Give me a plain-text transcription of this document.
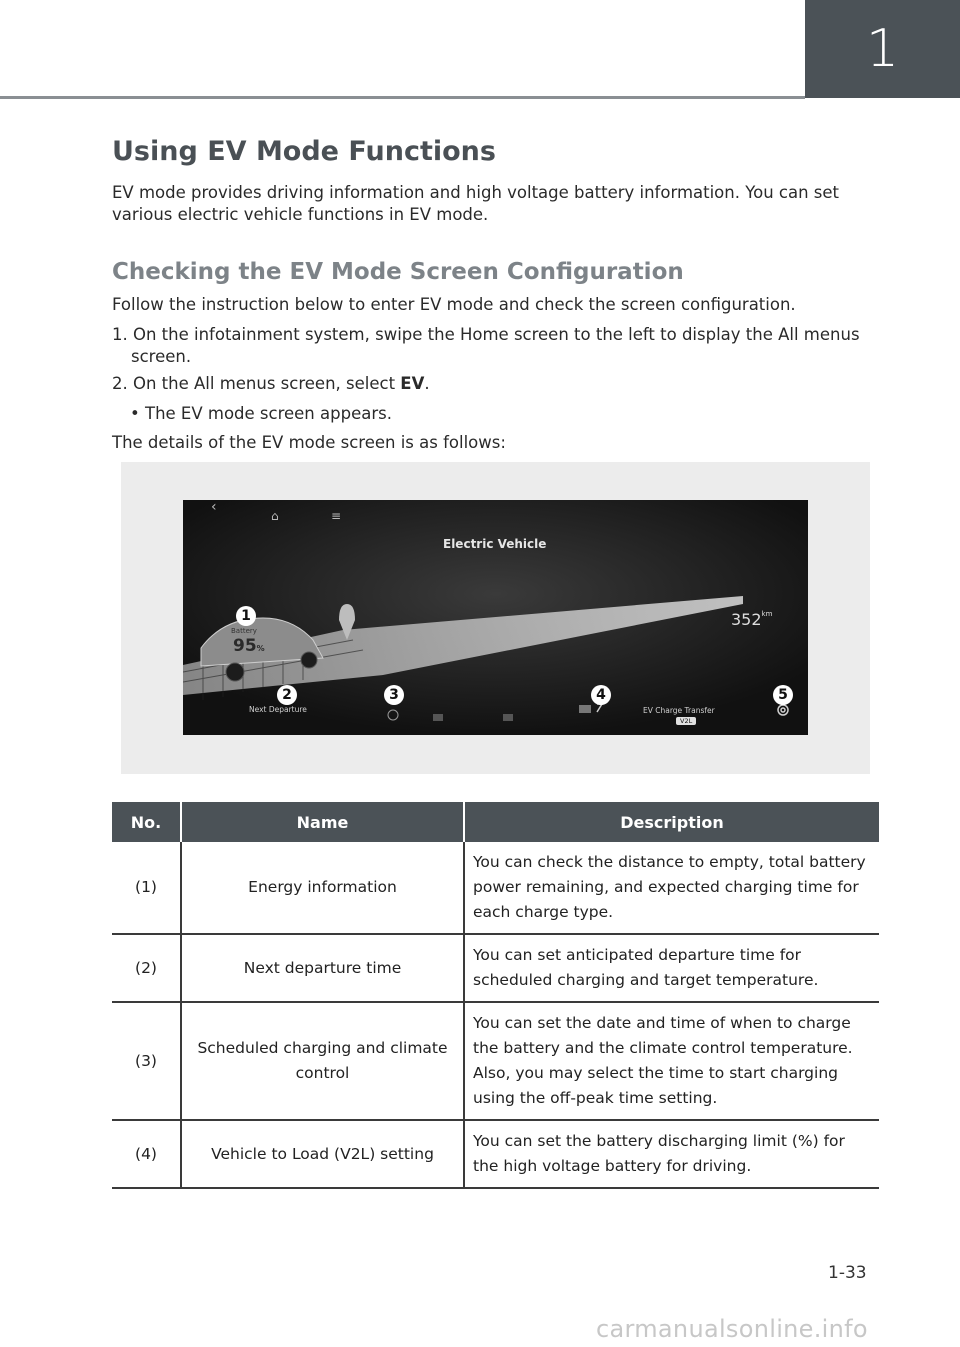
1
Using EV Mode Functions
EV mode provides driving information and high voltage battery information. You can set various electric vehicle functions in EV mode.
Checking the EV Mode Screen Configuration
Follow the instruction below to enter EV mode and check the screen configuration.
1. On the infotainment system, swipe the Home screen to the left to display the All menus screen.
2. On the All menus screen, select EV.
• The EV mode screen appears.
The details of the EV mode screen is as follows:
‹
⌂	≡
Electric Vehicle
$352^{km}$
Battery
95%
Next Departure	EV Charge Transfer
V2L
1
2	3	4	5
No.	Name	Description
(1)	Energy information	You can check the distance to empty, total battery power remaining, and expected charging time for each charge type.
(2)	Next departure time	You can set anticipated departure time for scheduled charging and target temperature.
(3)	Scheduled charging and climate control	You can set the date and time of when to charge the battery and the climate control temperature. Also, you may select the time to start charging using the off-peak time setting.
(4)	Vehicle to Load (V2L) setting	You can set the battery discharging limit (%) for the high voltage battery for driving.
1-33
carmanualsonline.info
